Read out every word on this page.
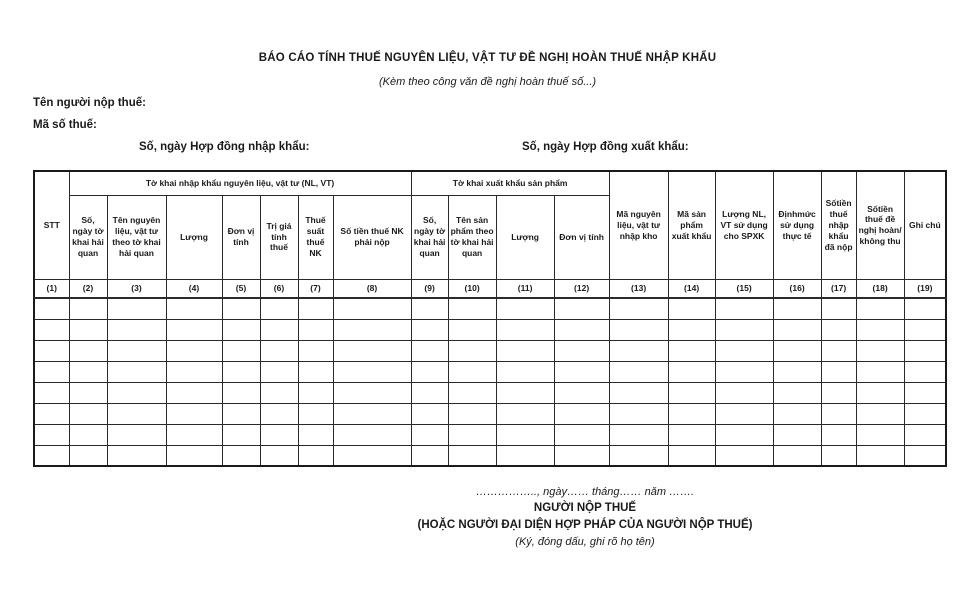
BÁO CÁO TÍNH THUẾ NGUYÊN LIỆU, VẬT TƯ ĐỀ NGHỊ HOÀN THUẾ NHẬP KHẨU
(Kèm theo công văn đề nghị hoàn thuế số...)
Tên người nộp thuế:
Mã số thuế:
Số, ngày Hợp đồng nhập khẩu:	Số, ngày Hợp đồng xuất khẩu:
STT	Tờ khai nhập khẩu nguyên liệu, vật tư (NL, VT)							Tờ khai xuất khẩu sản phẩm				Mã nguyên liệu, vật tư nhập kho	Mã sản phẩm xuất khẩu	Lượng NL, VT sử dụng cho SPXK	Địnhmức sử dụng thực tế	Sốtiền thuế nhập khẩu đã nộp	Sốtiền thuế đề nghị hoàn/ không thu	Ghi chú
	Số, ngày tờ khai hải quan	Tên nguyên liệu, vật tư theo tờ khai hải quan	Lượng	Đơn vị tính	Trị giá tính thuế	Thuế suất thuế NK	Số tiền thuế NK phải nộp	Số, ngày tờ khai hải quan	Tên sản phẩm theo tờ khai hải quan	Lượng	Đơn vị tính							
(1)	(2)	(3)	(4)	(5)	(6)	(7)	(8)	(9)	(10)	(11)	(12)	(13)	(14)	(15)	(16)	(17)	(18)	(19)

…………….., ngày…… tháng…… năm …….
NGƯỜI NỘP THUẾ
(HOẶC NGƯỜI ĐẠI DIỆN HỢP PHÁP CỦA NGƯỜI NỘP THUẾ)
(Ký, đóng dấu, ghi rõ họ tên)
